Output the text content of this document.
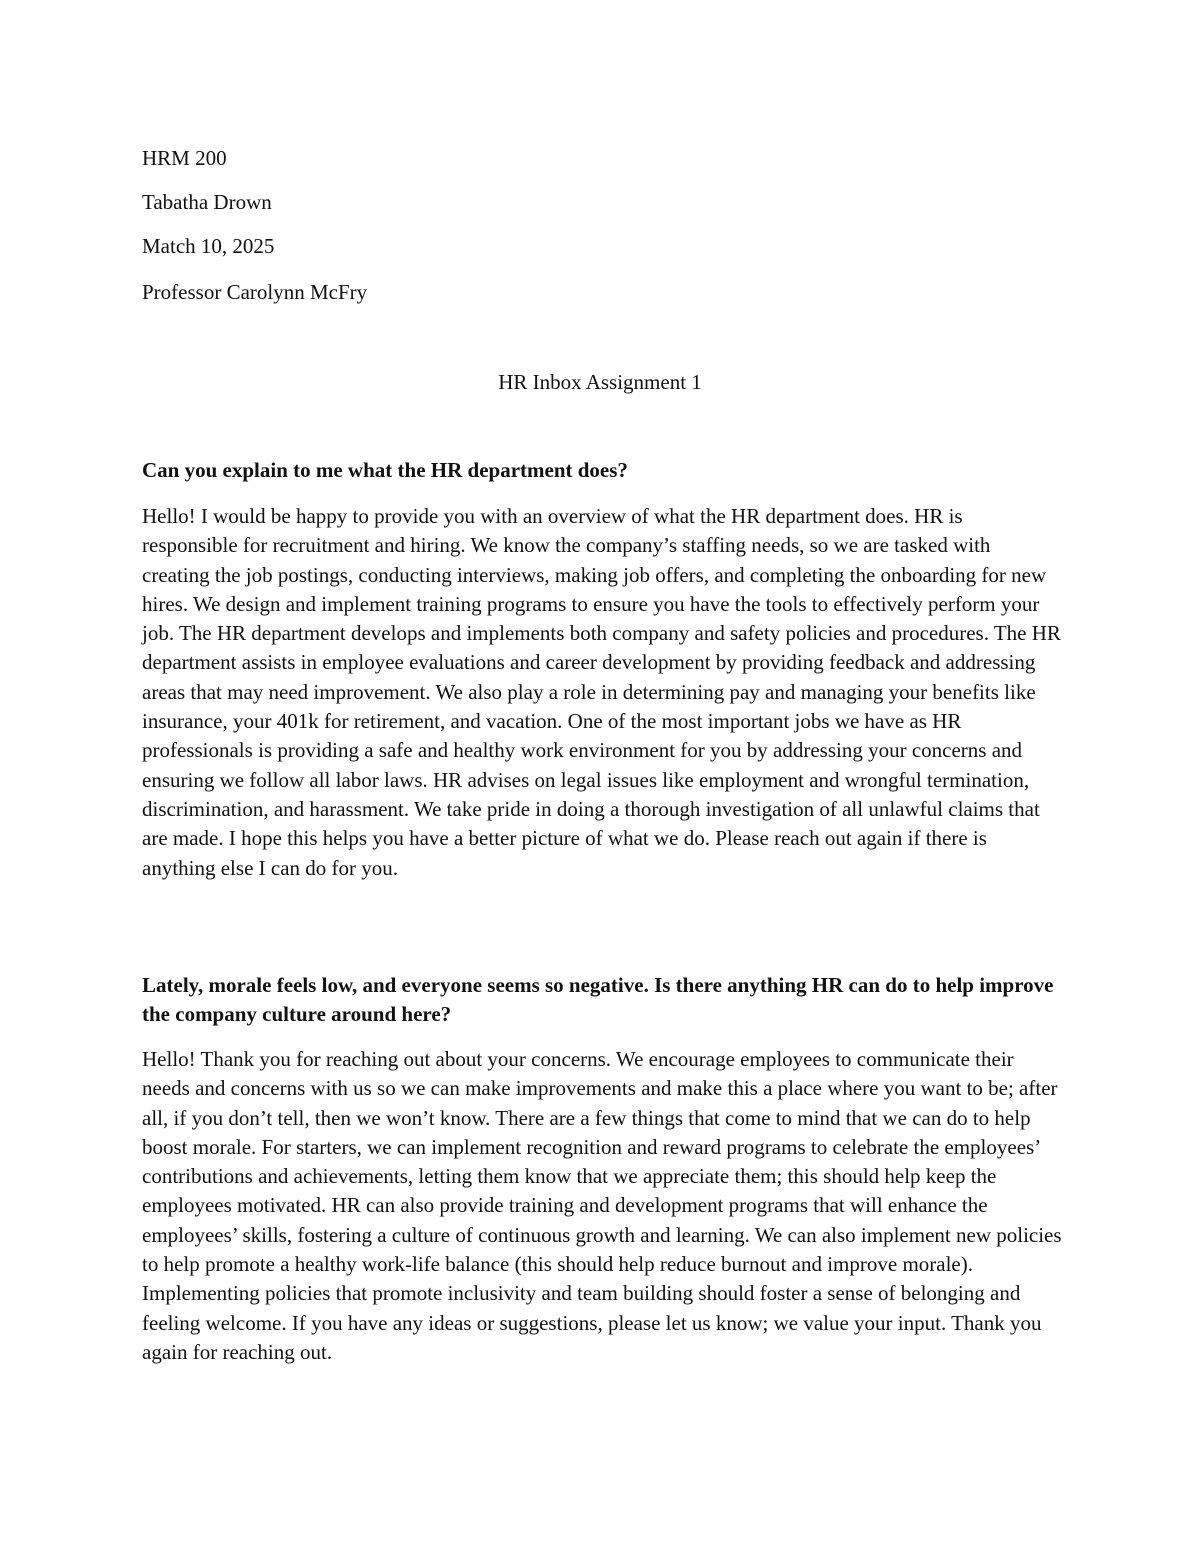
HRM 200
Tabatha Drown
Match 10, 2025
Professor Carolynn McFry
HR Inbox Assignment 1
Can you explain to me what the HR department does?
Hello! I would be happy to provide you with an overview of what the HR department does. HR is responsible for recruitment and hiring. We know the company’s staffing needs, so we are tasked with creating the job postings, conducting interviews, making job offers, and completing the onboarding for new hires. We design and implement training programs to ensure you have the tools to effectively perform your job. The HR department develops and implements both company and safety policies and procedures. The HR department assists in employee evaluations and career development by providing feedback and addressing areas that may need improvement. We also play a role in determining pay and managing your benefits like insurance, your 401k for retirement, and vacation. One of the most important jobs we have as HR professionals is providing a safe and healthy work environment for you by addressing your concerns and ensuring we follow all labor laws. HR advises on legal issues like employment and wrongful termination, discrimination, and harassment. We take pride in doing a thorough investigation of all unlawful claims that are made. I hope this helps you have a better picture of what we do. Please reach out again if there is anything else I can do for you.
Lately, morale feels low, and everyone seems so negative. Is there anything HR can do to help improve the company culture around here?
Hello! Thank you for reaching out about your concerns. We encourage employees to communicate their needs and concerns with us so we can make improvements and make this a place where you want to be; after all, if you don’t tell, then we won’t know. There are a few things that come to mind that we can do to help boost morale. For starters, we can implement recognition and reward programs to celebrate the employees’ contributions and achievements, letting them know that we appreciate them; this should help keep the employees motivated. HR can also provide training and development programs that will enhance the employees’ skills, fostering a culture of continuous growth and learning. We can also implement new policies to help promote a healthy work-life balance (this should help reduce burnout and improve morale). Implementing policies that promote inclusivity and team building should foster a sense of belonging and feeling welcome. If you have any ideas or suggestions, please let us know; we value your input. Thank you again for reaching out.
